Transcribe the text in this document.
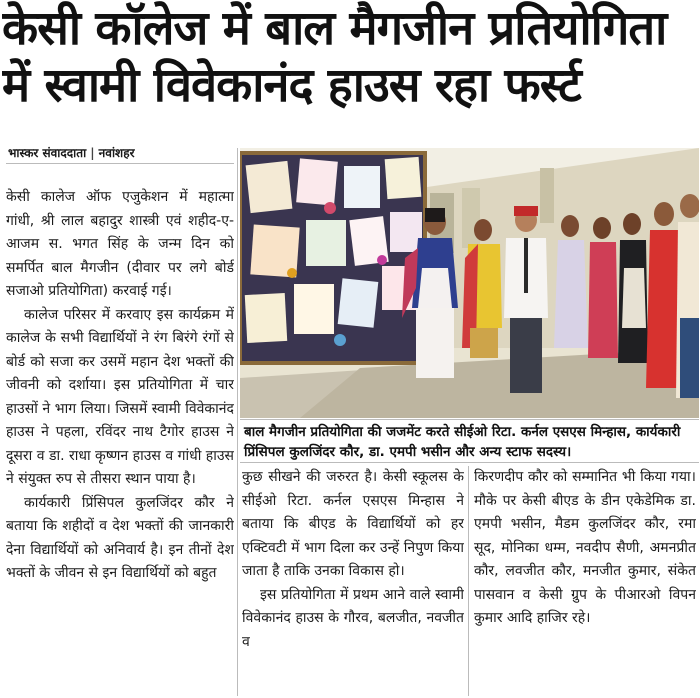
केसी कॉलेज में बाल मैगजीन प्रतियोगिता
में स्वामी विवेकानंद हाउस रहा फर्स्ट
भास्कर संवाददाता | नवांशहर

केसी कालेज ऑफ एजुकेशन में महात्मा गांधी, श्री लाल बहादुर शास्त्री एवं शहीद-ए-आजम स. भगत सिंह के जन्म दिन को समर्पित बाल मैगजीन (दीवार पर लगे बोर्ड सजाओ प्रतियोगिता) करवाई गई।

कालेज परिसर में करवाए इस कार्यक्रम में कालेज के सभी विद्यार्थियों ने रंग बिरंगे रंगों से बोर्ड को सजा कर उसमें महान देश भक्तों की जीवनी को दर्शाया। इस प्रतियोगिता में चार हाउसों ने भाग लिया। जिसमें स्वामी विवेकानंद हाउस ने पहला, रविंदर नाथ टैगोर हाउस ने दूसरा व डा. राधा कृष्णन हाउस व गांधी हाउस ने संयुक्त रुप से तीसरा स्थान पाया है।

कार्यकारी प्रिंसिपल कुलजिंदर कौर ने बताया कि शहीदों व देश भक्तों की जानकारी देना विद्यार्थियों को अनिवार्य है। इन तीनों देश भक्तों के जीवन से इन विद्यार्थियों को बहुत

बाल मैगजीन प्रतियोगिता की जजमेंट करते सीईओ रिटा. कर्नल एसएस मिन्हास, कार्यकारी प्रिंसिपल कुलजिंदर कौर, डा. एमपी भसीन और अन्य स्टाफ सदस्य।

कुछ सीखने की जरुरत है। केसी स्कूलस के सीईओ रिटा. कर्नल एसएस मिन्हास ने बताया कि बीएड के विद्यार्थियों को हर एक्टिवटी में भाग दिला कर उन्हें निपुण किया जाता है ताकि उनका विकास हो।

इस प्रतियोगिता में प्रथम आने वाले स्वामी विवेकानंद हाउस के गौरव, बलजीत, नवजीत व

किरणदीप कौर को सम्मानित भी किया गया। मौके पर केसी बीएड के डीन एकेडेमिक डा. एमपी भसीन, मैडम कुलजिंदर कौर, रमा सूद, मोनिका धम्म, नवदीप सैणी, अमनप्रीत कौर, लवजीत कौर, मनजीत कुमार, संकेत पासवान व केसी ग्रुप के पीआरओ विपन कुमार आदि हाजिर रहे।
